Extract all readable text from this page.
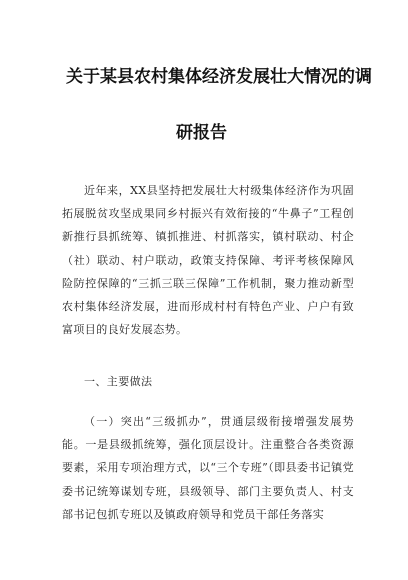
关于某县农村集体经济发展壮大情况的调
研报告

近年来，XX县坚持把发展壮大村级集体经济作为巩固拓展脱贫攻坚成果同乡村振兴有效衔接的“牛鼻子”工程创新推行县抓统筹、镇抓推进、村抓落实，镇村联动、村企（社）联动、村户联动，政策支持保障、考评考核保障风险防控保障的“三抓三联三保障”工作机制，聚力推动新型农村集体经济发展，进而形成村村有特色产业、户户有致富项目的良好发展态势。

一、主要做法

（一）突出“三级抓办”，贯通层级衔接增强发展势能。一是县级抓统筹，强化顶层设计。注重整合各类资源要素，采用专项治理方式，以“三个专班”（即县委书记镇党委书记统筹谋划专班，县级领导、部门主要负责人、村支部书记包抓专班以及镇政府领导和党员干部任务落实
